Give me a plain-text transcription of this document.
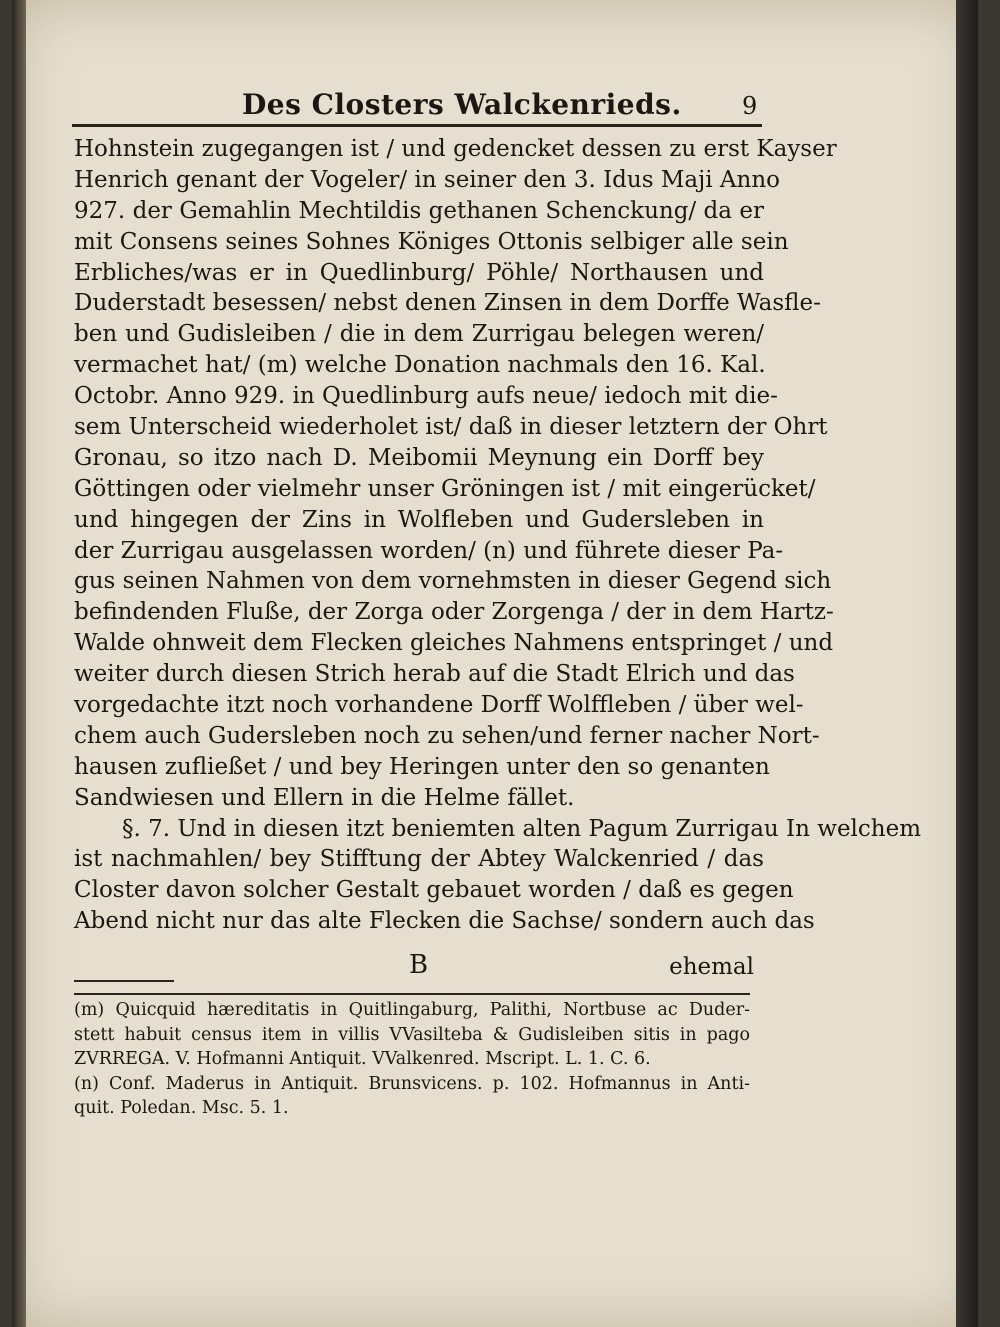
Des Closters Walckenrieds.	9
Hohnstein zugegangen ist / und gedencket dessen zu erst Kayser
Henrich genant der Vogeler/ in seiner den 3. Idus Maji Anno
927. der Gemahlin Mechtildis gethanen Schenckung/ da er
mit Consens seines Sohnes Königes Ottonis selbiger alle sein
Erbliches/was er in Quedlinburg/ Pöhle/ Northausen und
Duderstadt besessen/ nebst denen Zinsen in dem Dorffe Wasfle-
ben und Gudisleiben / die in dem Zurrigau belegen weren/
vermachet hat/ (m) welche Donation nachmals den 16. Kal.
Octobr. Anno 929. in Quedlinburg aufs neue/ iedoch mit die-
sem Unterscheid wiederholet ist/ daß in dieser letztern der Ohrt
Gronau, so itzo nach D. Meibomii Meynung ein Dorff bey
Göttingen oder vielmehr unser Gröningen ist / mit eingerücket/
und hingegen der Zins in Wolfleben und Gudersleben in
der Zurrigau ausgelassen worden/ (n) und führete dieser Pa-
gus seinen Nahmen von dem vornehmsten in dieser Gegend sich
befindenden Fluße, der Zorga oder Zorgenga / der in dem Hartz-
Walde ohnweit dem Flecken gleiches Nahmens entspringet / und
weiter durch diesen Strich herab auf die Stadt Elrich und das
vorgedachte itzt noch vorhandene Dorff Wolffleben / über wel-
chem auch Gudersleben noch zu sehen/und ferner nacher Nort-
hausen zufließet / und bey Heringen unter den so genanten
Sandwiesen und Ellern in die Helme fället.
§. 7. Und in diesen itzt beniemten alten Pagum Zurrigau In welchem
ist nachmahlen/ bey Stifftung der Abtey Walckenried / das
Closter davon solcher Gestalt gebauet worden / daß es gegen
Abend nicht nur das alte Flecken die Sachse/ sondern auch das
B	ehemal
(m) Quicquid hæreditatis in Quitlingaburg, Palithi, Nortbuse ac Duder-
stett habuit census item in villis VVasilteba & Gudisleiben sitis in pago
ZVRREGA. V. Hofmanni Antiquit. VValkenred. Mscript. L. 1. C. 6.
(n) Conf. Maderus in Antiquit. Brunsvicens. p. 102. Hofmannus in Anti-
quit. Poledan. Msc. 5. 1.
